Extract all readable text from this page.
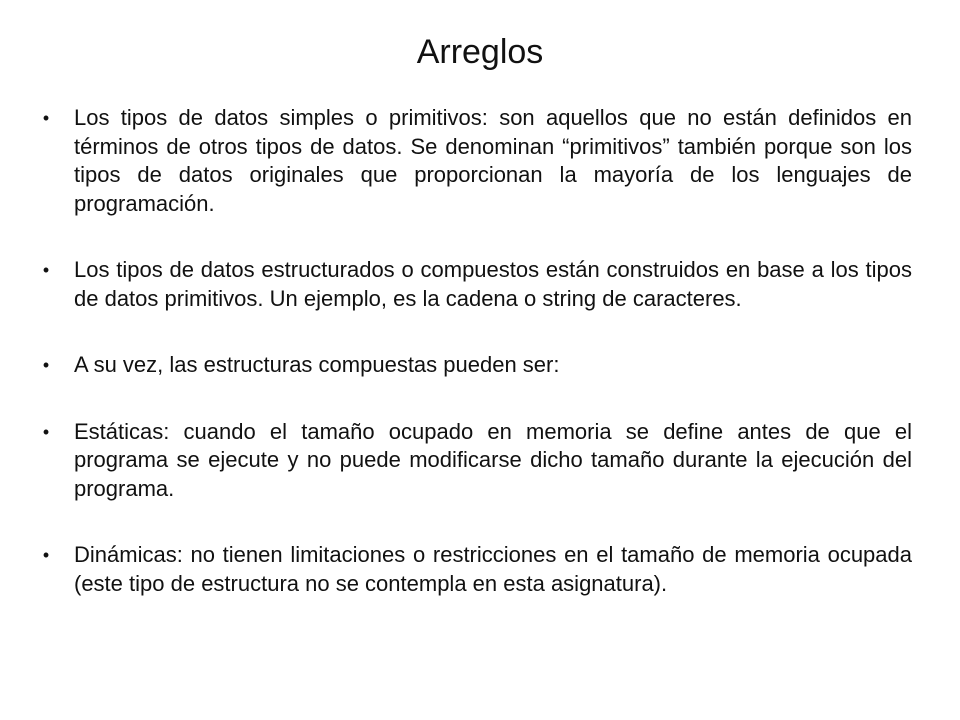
Arreglos
•	Los tipos de datos simples o primitivos: son aquellos que no están definidos en términos de otros tipos de datos. Se denominan “primitivos” también porque son los tipos de datos originales que proporcionan la mayoría de los lenguajes de programación.
•	Los tipos de datos estructurados o compuestos están construidos en base a los tipos de datos primitivos. Un ejemplo, es la cadena o string de caracteres.
•	A su vez, las estructuras compuestas pueden ser:
•	Estáticas: cuando el tamaño ocupado en memoria se define antes de que el programa se ejecute y no puede modificarse dicho tamaño durante la ejecución del programa.
•	Dinámicas: no tienen limitaciones o restricciones en el tamaño de memoria ocupada (este tipo de estructura no se contempla en esta asignatura).
